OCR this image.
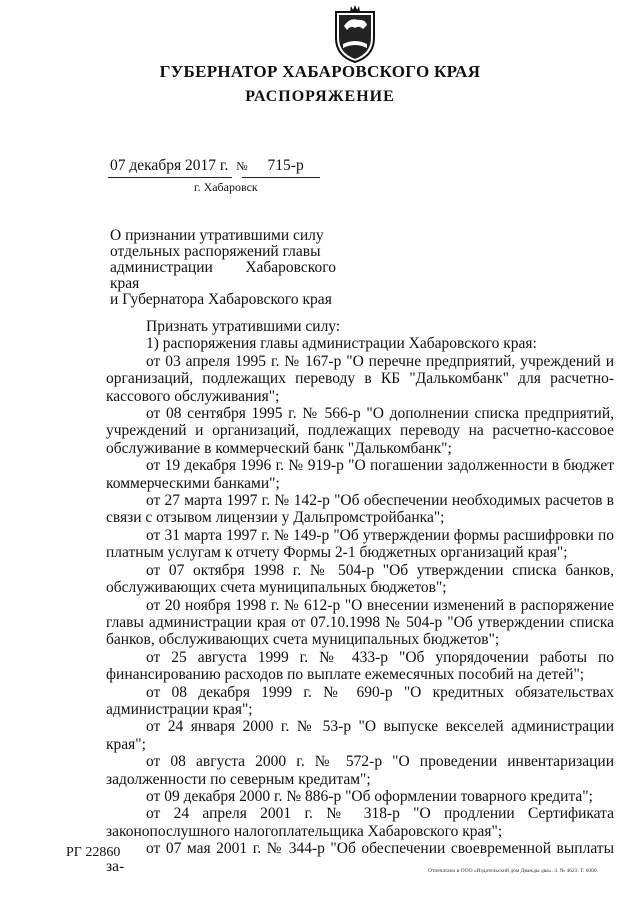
ГУБЕРНАТОР ХАБАРОВСКОГО КРАЯ
РАСПОРЯЖЕНИЕ
07 декабря 2017 г. № 715-р
г. Хабаровск
О признании утратившими силу
отдельных распоряжений главы
администрации Хабаровского края
и Губернатора Хабаровского края

Признать утратившими силу:

1) распоряжения главы администрации Хабаровского края:

от 03 апреля 1995 г. № 167-р "О перечне предприятий, учреждений и организаций, подлежащих переводу в КБ "Далькомбанк" для расчетно-кассового обслуживания";

от 08 сентября 1995 г. № 566-р "О дополнении списка предприятий, учреждений и организаций, подлежащих переводу на расчетно-кассовое обслуживание в коммерческий банк "Далькомбанк";

от 19 декабря 1996 г. № 919-р "О погашении задолженности в бюджет коммерческими банками";

от 27 марта 1997 г. № 142-р "Об обеспечении необходимых расчетов в связи с отзывом лицензии у Дальпромстройбанка";

от 31 марта 1997 г. № 149-р "Об утверждении формы расшифровки по платным услугам к отчету Формы 2-1 бюджетных организаций края";

от 07 октября 1998 г. № 504-р "Об утверждении списка банков, обслуживающих счета муниципальных бюджетов";

от 20 ноября 1998 г. № 612-р "О внесении изменений в распоряжение главы администрации края от 07.10.1998 № 504-р "Об утверждении списка банков, обслуживающих счета муниципальных бюджетов";

от 25 августа 1999 г. № 433-р "Об упорядочении работы по финансированию расходов по выплате ежемесячных пособий на детей";

от 08 декабря 1999 г. № 690-р "О кредитных обязательствах администрации края";

от 24 января 2000 г. № 53-р "О выпуске векселей администрации края";

от 08 августа 2000 г. № 572-р "О проведении инвентаризации задолженности по северным кредитам";

от 09 декабря 2000 г. № 886-р "Об оформлении товарного кредита";

от 24 апреля 2001 г. № 318-р "О продлении Сертификата законопослушного налогоплательщика Хабаровского края";

от 07 мая 2001 г. № 344-р "Об обеспечении своевременной выплаты за-

РГ 22860
Отпечатано в ООО «Издательский дом Дважды два». З. № 4623. Т. 6000.
